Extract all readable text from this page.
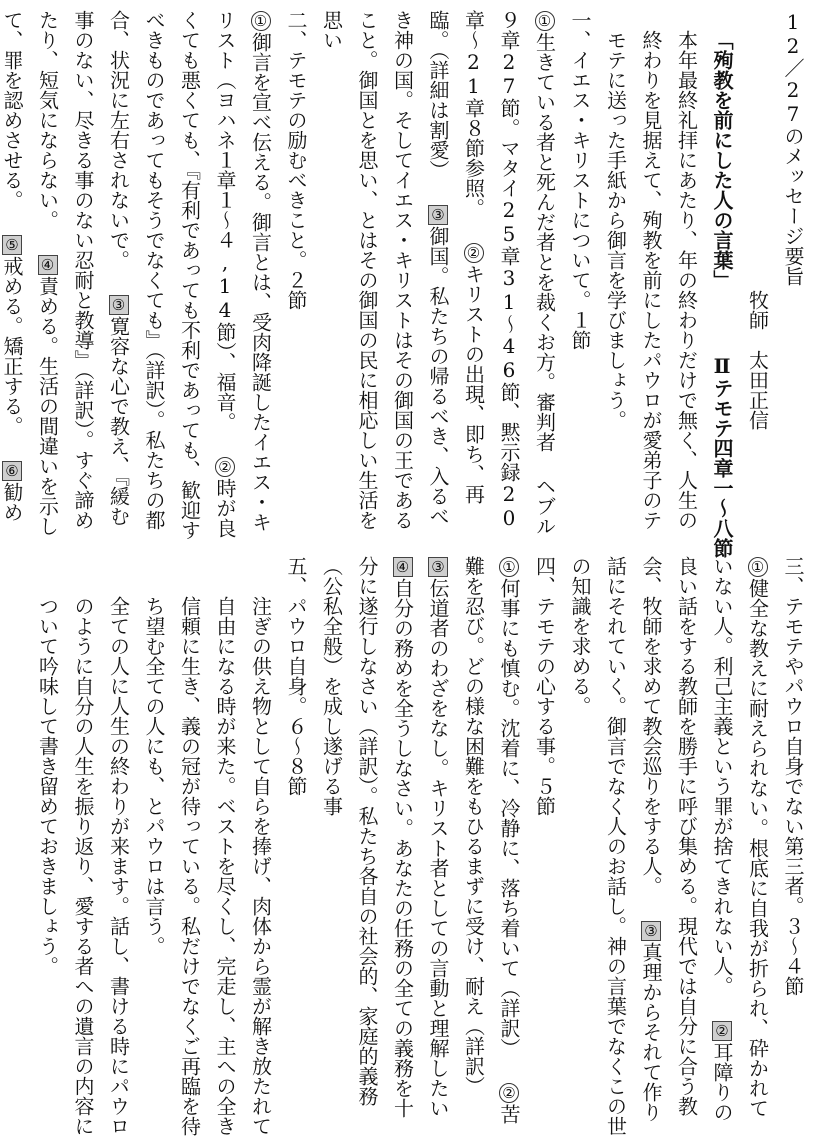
12／27のメッセージ要旨
牧師　太田正信
「殉教を前にした人の言葉」 Ⅱテモテ四章一〜八節
本年最終礼拝にあたり、年の終わりだけで無く、人生の終わりを見据えて、殉教を前にしたパウロが愛弟子のテモテに送った手紙から御言を学びましょう。
一、イエス・キリストについて。１節
①生きている者と死んだ者とを裁くお方。審判者 ヘブル９章27節。マタイ25章31〜46節、黙示録20章〜21章８節参照。 ②キリストの出現、即ち、再臨。（詳細は割愛） ③御国。私たちの帰るべき、入るべき神の国。そしてイエス・キリストはその御国の王であること。御国とを思い、とはその御国の民に相応しい生活を思い
二、テモテの励むべきこと。２節
①御言を宣べ伝える。御言とは、受肉降誕したイエス・キリスト（ヨハネ１章１〜４,14節）、福音。 ②時が良くても悪くても、『有利であっても不利であっても、歓迎すべきものであってもそうでなくても』（詳訳）。私たちの都合、状況に左右されないで。 ③寛容な心で教え、『緩む事のない、尽きる事のない忍耐と教導』（詳訳）。すぐ諦めたり、短気にならない。 ④責める。生活の間違いを示して、罪を認めさせる。 ⑤戒める。矯正する。 ⑥勧め
三、テモテやパウロ自身でない第三者。３〜４節
①健全な教えに耐えられない。根底に自我が折られ、砕かれていない人。利己主義という罪が捨てきれない人。 ②耳障りの良い話をする教師を勝手に呼び集める。現代では自分に合う教会、牧師を求めて教会巡りをする人。 ③真理からそれて作り話にそれていく。御言でなく人のお話し。神の言葉でなくこの世の知識を求める。
四、テモテの心する事。５節
①何事にも慎む。沈着に、冷静に、落ち着いて（詳訳） ②苦難を忍び。どの様な困難をもひるまずに受け、耐え（詳訳） ③伝道者のわざをなし。キリスト者としての言動と理解したい ④自分の務めを全うしなさい。あなたの任務の全ての義務を十分に遂行しなさい（詳訳）。私たち各自の社会的、家庭的義務（公私全般）を成し遂げる事
五、パウロ自身。６〜８節
注ぎの供え物として自らを捧げ、肉体から霊が解き放たれて自由になる時が来た。ベストを尽くし、完走し、主への全き信頼に生き、義の冠が待っている。私だけでなくご再臨を待ち望む全ての人にも、とパウロは言う。
全ての人に人生の終わりが来ます。話し、書ける時にパウロのように自分の人生を振り返り、愛する者への遺言の内容について吟味して書き留めておきましょう。
